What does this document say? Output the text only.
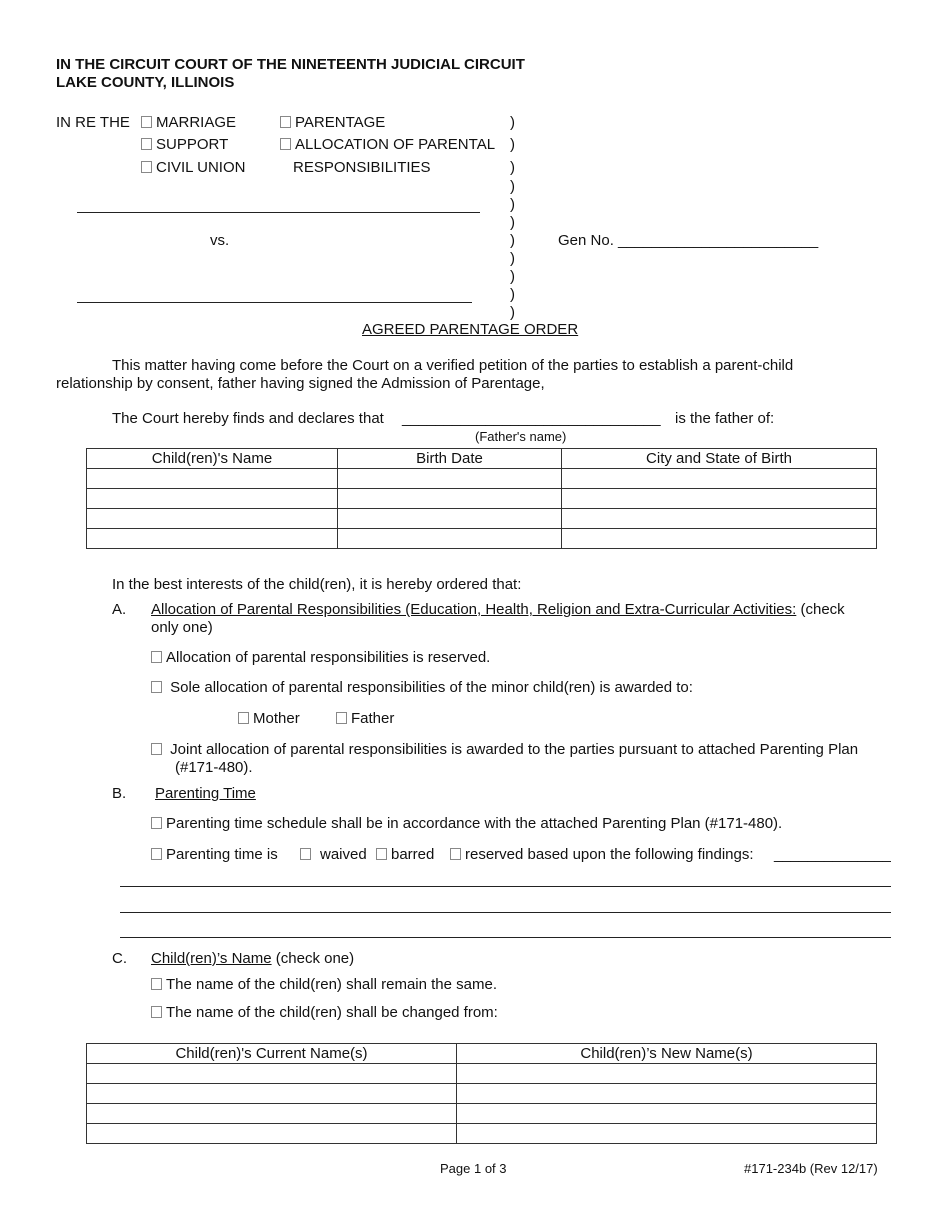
IN THE CIRCUIT COURT OF THE NINETEENTH JUDICIAL CIRCUIT
LAKE COUNTY, ILLINOIS
IN RE THE	MARRIAGE
SUPPORT
CIVIL UNION
PARENTAGE
ALLOCATION OF PARENTAL
RESPONSIBILITIES
)
)
)
)
)
)
)
)
)
)
)
vs.	Gen No. ________________________
AGREED PARENTAGE ORDER
This matter having come before the Court on a verified petition of the parties to establish a parent-child
relationship by consent, father having signed the Admission of Parentage,
The Court hereby finds and declares that _______________________________ is the father of:
(Father's name)
Child(ren)'s Name	Birth Date	City and State of Birth

In the best interests of the child(ren), it is hereby ordered that:
A. Allocation of Parental Responsibilities (Education, Health, Religion and Extra-Curricular Activities: (check
only one)
Allocation of parental responsibilities is reserved.
Sole allocation of parental responsibilities of the minor child(ren) is awarded to:
Mother	Father
Joint allocation of parental responsibilities is awarded to the parties pursuant to attached Parenting Plan
(#171-480).
B. Parenting Time
Parenting time schedule shall be in accordance with the attached Parenting Plan (#171-480).
Parenting time is	waived	barred	reserved based upon the following findings: ______________
C. Child(ren)’s Name (check one)
The name of the child(ren) shall remain the same.
The name of the child(ren) shall be changed from:
Child(ren)'s Current Name(s)	Child(ren)’s New Name(s)

Page 1 of 3	#171-234b (Rev 12/17)
